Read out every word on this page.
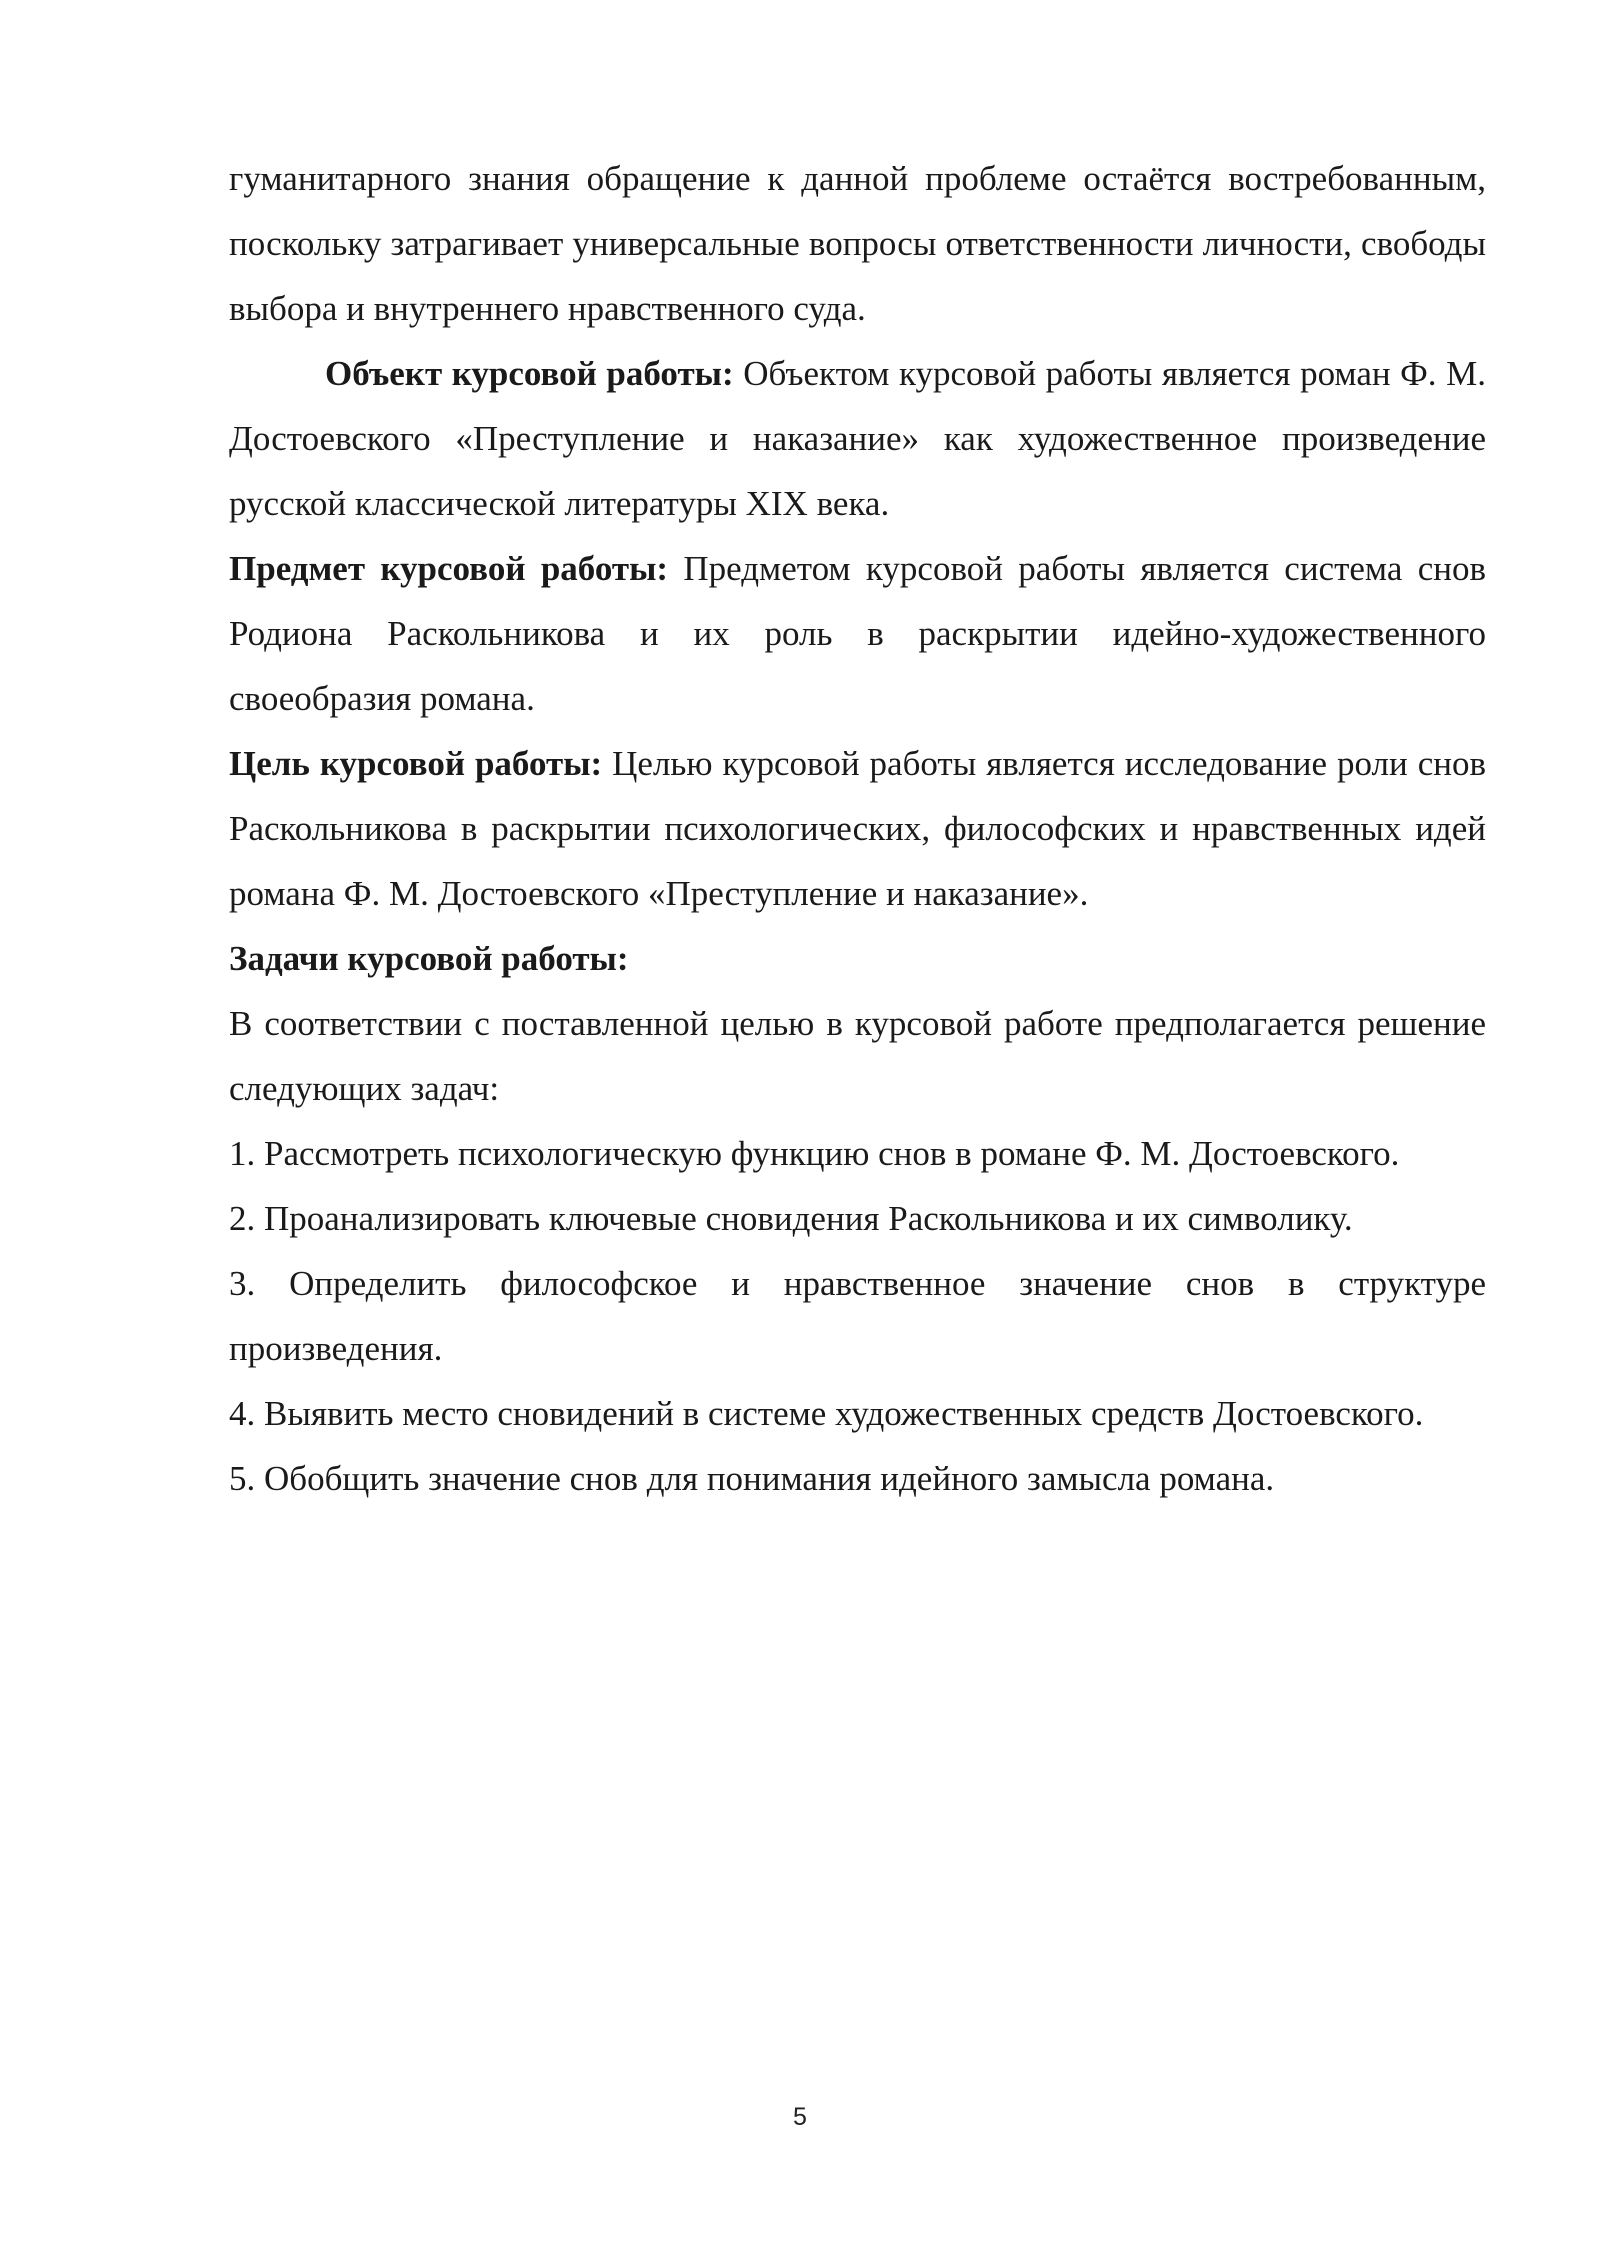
гуманитарного знания обращение к данной проблеме остаётся востребованным, поскольку затрагивает универсальные вопросы ответственности личности, свободы выбора и внутреннего нравственного суда.

Объект курсовой работы: Объектом курсовой работы является роман Ф. М. Достоевского «Преступление и наказание» как художественное произведение русской классической литературы XIX века.

Предмет курсовой работы: Предметом курсовой работы является система снов Родиона Раскольникова и их роль в раскрытии идейно-художественного своеобразия романа.

Цель курсовой работы: Целью курсовой работы является исследование роли снов Раскольникова в раскрытии психологических, философских и нравственных идей романа Ф. М. Достоевского «Преступление и наказание».

Задачи курсовой работы:

В соответствии с поставленной целью в курсовой работе предполагается решение следующих задач:

1. Рассмотреть психологическую функцию снов в романе Ф. М. Достоевского.

2. Проанализировать ключевые сновидения Раскольникова и их символику.

3. Определить философское и нравственное значение снов в структуре произведения.

4. Выявить место сновидений в системе художественных средств Достоевского.

5. Обобщить значение снов для понимания идейного замысла романа.

5
